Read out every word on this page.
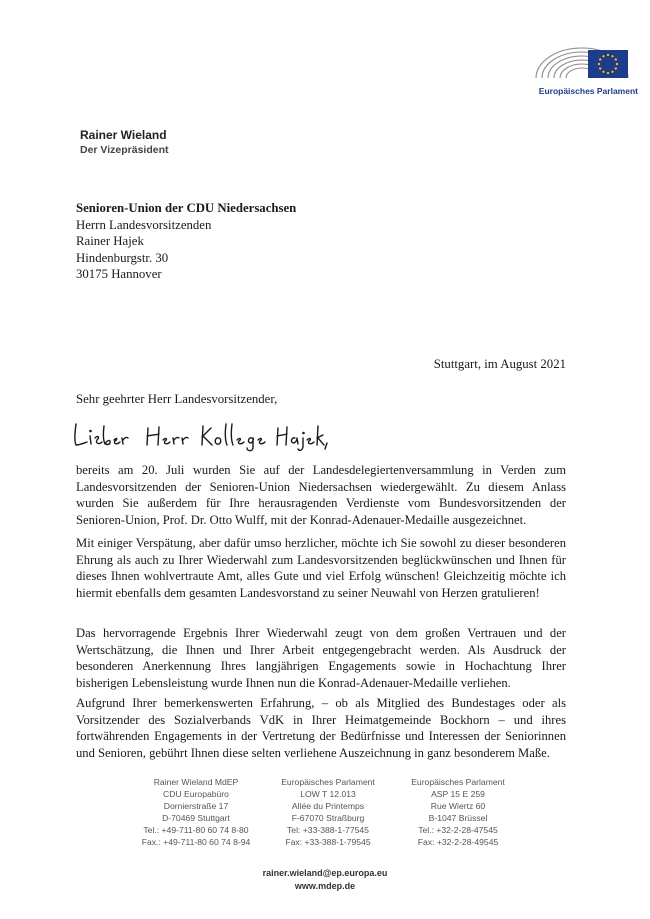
Europäisches Parlament
Rainer Wieland
Der Vizepräsident
Senioren-Union der CDU Niedersachsen
Herrn Landesvorsitzenden
Rainer Hajek
Hindenburgstr. 30
30175 Hannover
Stuttgart, im August 2021
Sehr geehrter Herr Landesvorsitzender,
bereits am 20. Juli wurden Sie auf der Landesdelegiertenversammlung in Verden zum Landesvorsitzenden der Senioren-Union Niedersachsen wiedergewählt. Zu diesem Anlass wurden Sie außerdem für Ihre herausragenden Verdienste vom Bundesvorsitzenden der Senioren-Union, Prof. Dr. Otto Wulff, mit der Konrad-Adenauer-Medaille ausgezeichnet.
Mit einiger Verspätung, aber dafür umso herzlicher, möchte ich Sie sowohl zu dieser besonderen Ehrung als auch zu Ihrer Wiederwahl zum Landesvorsitzenden beglückwünschen und Ihnen für dieses Ihnen wohlvertraute Amt, alles Gute und viel Erfolg wünschen! Gleichzeitig möchte ich hiermit ebenfalls dem gesamten Landesvorstand zu seiner Neuwahl von Herzen gratulieren!
Das hervorragende Ergebnis Ihrer Wiederwahl zeugt von dem großen Vertrauen und der Wertschätzung, die Ihnen und Ihrer Arbeit entgegengebracht werden. Als Ausdruck der besonderen Anerkennung Ihres langjährigen Engagements sowie in Hochachtung Ihrer bisherigen Lebensleistung wurde Ihnen nun die Konrad-Adenauer-Medaille verliehen.
Aufgrund Ihrer bemerkenswerten Erfahrung, – ob als Mitglied des Bundestages oder als Vorsitzender des Sozialverbands VdK in Ihrer Heimatgemeinde Bockhorn – und ihres fortwährenden Engagements in der Vertretung der Bedürfnisse und Interessen der Seniorinnen und Senioren, gebührt Ihnen diese selten verliehene Auszeichnung in ganz besonderem Maße.
Rainer Wieland MdEP
CDU Europabüro
Dornierstraße 17
D-70469 Stuttgart
Tel.: +49-711-80 60 74 8-80
Fax.: +49-711-80 60 74 8-94
Europäisches Parlament
LOW T 12.013
Allée du Printemps
F-67070 Straßburg
Tel: +33-388-1-77545
Fax: +33-388-1-79545
Europäisches Parlament
ASP 15 E 259
Rue Wiertz 60
B-1047 Brüssel
Tel.: +32-2-28-47545
Fax: +32-2-28-49545
rainer.wieland@ep.europa.eu
www.mdep.de
